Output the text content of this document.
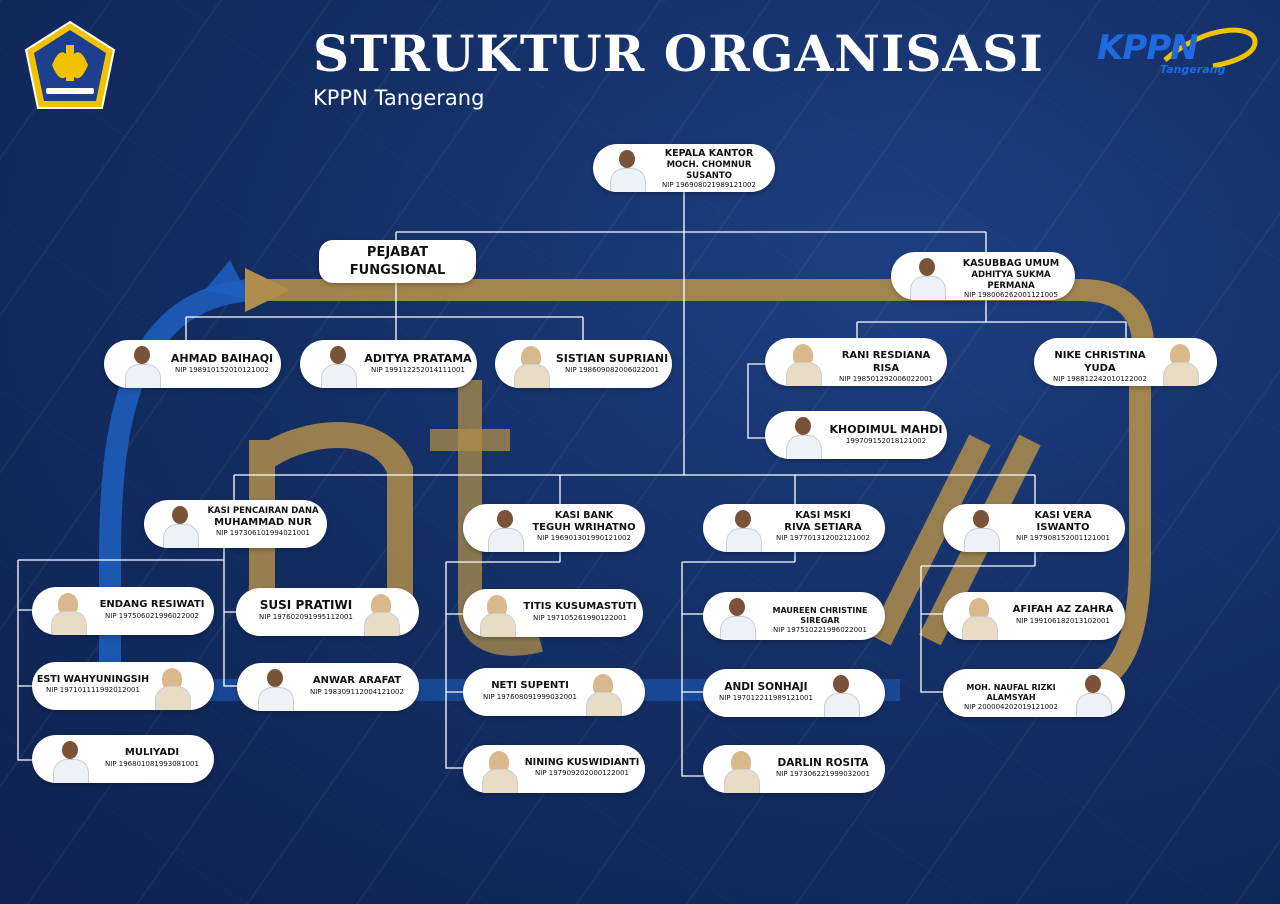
STRUKTUR ORGANISASI
KPPN Tangerang
KPPN
Tangerang
KEPALA KANTOR
MOCH. CHOMNUR SUSANTO
NIP 196908021989121002
PEJABAT FUNGSIONAL
AHMAD BAIHAQI
NIP 198910152010121002
ADITYA PRATAMA
NIP 199112252014111001
SISTIAN SUPRIANI
NIP 198609082006022001
KASUBBAG UMUM
ADHITYA SUKMA PERMANA
NIP 198006262001121005
RANI RESDIANA RISA
NIP 198501292006022001
NIKE CHRISTINA YUDA
NIP 198812242010122002
KHODIMUL MAHDI
199709152018121002
KASI PENCAIRAN DANA
MUHAMMAD NUR
NIP 197306101994021001
ENDANG RESIWATI
NIP 197506021996022002
SUSI PRATIWI
NIP 197602091995112001
ESTI WAHYUNINGSIH
NIP 197101111992012001
ANWAR ARAFAT
NIP 198309112004121002
MULIYADI
NIP 196801081993081001
KASI BANK
TEGUH WRIHATNO
NIP 196901301990121002
TITIS KUSUMASTUTI
NIP 197105261990122001
NETI SUPENTI
NIP 197608091999032001
NINING KUSWIDIANTI
NIP 197909202000122001
KASI MSKI
RIVA SETIARA
NIP 197701312002121002
MAUREEN CHRISTINE SIREGAR
NIP 197510221996022001
ANDI SONHAJI
NIP 197012211989121001
DARLIN ROSITA
NIP 197306221999032001
KASI VERA
ISWANTO
NIP 197908152001121001
AFIFAH AZ ZAHRA
NIP 199106182013102001
MOH. NAUFAL RIZKI ALAMSYAH
NIP 200004202019121002
